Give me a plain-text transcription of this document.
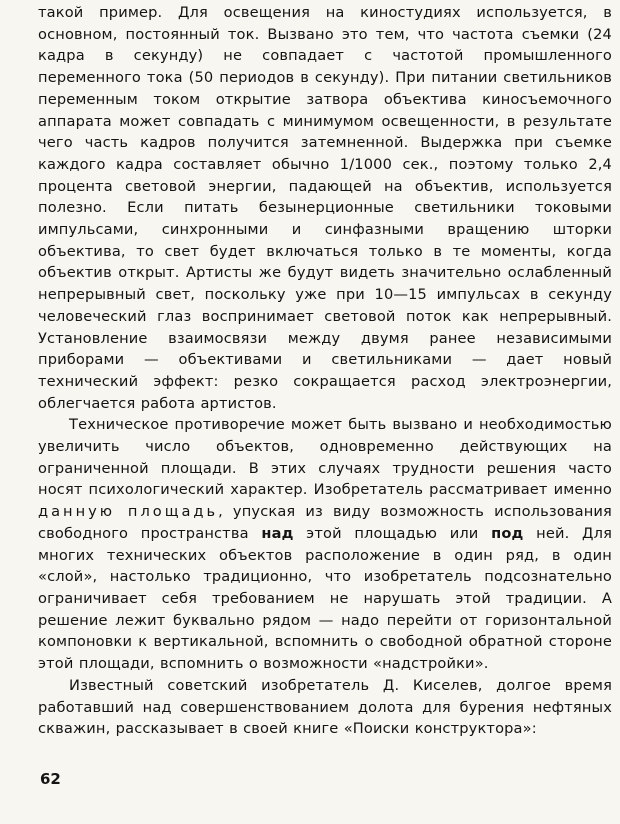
такой пример. Для освещения на киностудиях используется, в основном, постоянный ток. Вызвано это тем, что частота съемки (24 кадра в секунду) не совпадает с частотой промышленного переменного тока (50 периодов в секунду). При питании светильников переменным током открытие затвора объектива киносъемочного аппарата может совпадать с минимумом освещенности, в результате чего часть кадров получится затемненной. Выдержка при съемке каждого кадра составляет обычно 1/1000 сек., поэтому только 2,4 процента световой энергии, падающей на объектив, используется полезно. Если питать безынерционные светильники токовыми импульсами, синхронными и синфазными вращению шторки объектива, то свет будет включаться только в те моменты, когда объектив открыт. Артисты же будут видеть значительно ослабленный непрерывный свет, поскольку уже при 10—15 импульсах в секунду человеческий глаз воспринимает световой поток как непрерывный. Установление взаимосвязи между двумя ранее независимыми приборами — объективами и светильниками — дает новый технический эффект: резко сокращается расход электроэнергии, облегчается работа артистов.

Техническое противоречие может быть вызвано и необходимостью увеличить число объектов, одновременно действующих на ограниченной площади. В этих случаях трудности решения часто носят психологический характер. Изобретатель рассматривает именно данную площадь, упуская из виду возможность использования свободного пространства над этой площадью или под ней. Для многих технических объектов расположение в один ряд, в один «слой», настолько традиционно, что изобретатель подсознательно ограничивает себя требованием не нарушать этой традиции. А решение лежит буквально рядом — надо перейти от горизонтальной компоновки к вертикальной, вспомнить о свободной обратной стороне этой площади, вспомнить о возможности «надстройки».

Известный советский изобретатель Д. Киселев, долгое время работавший над совершенствованием долота для бурения нефтяных скважин, рассказывает в своей книге «Поиски конструктора»:

62
